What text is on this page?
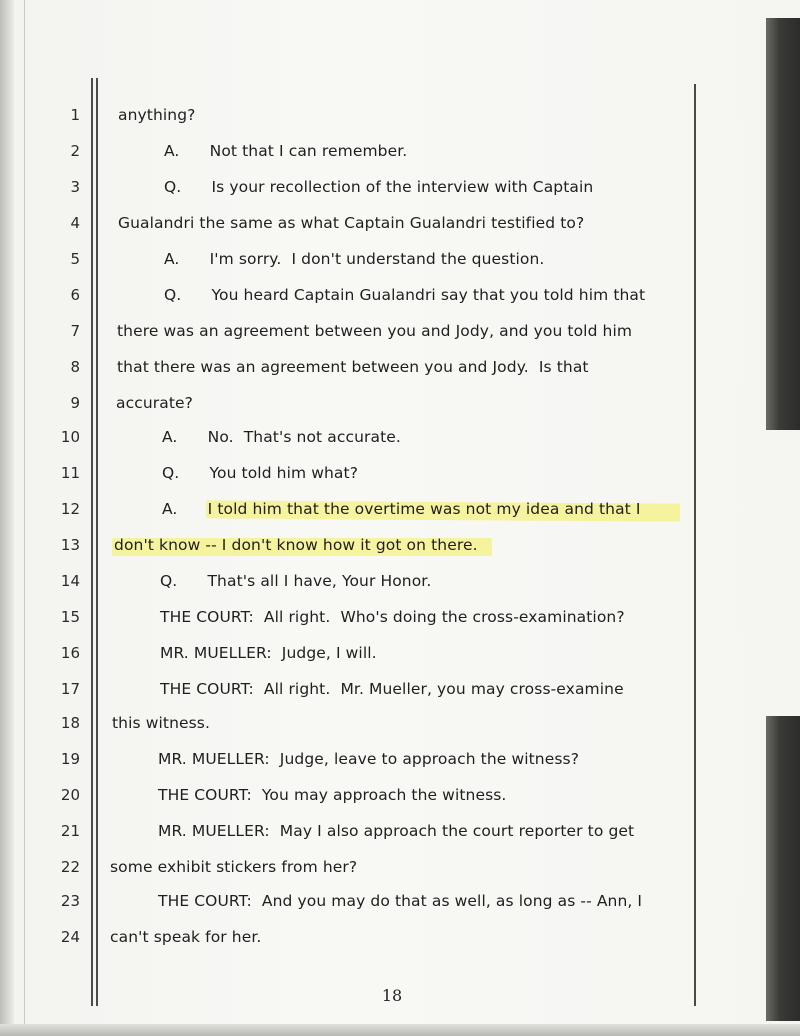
1
2
3
4
5
6
7
8
9
10
11
12
13
14
15
16
17
18
19
20
21
22
23
24
anything?
A.      Not that I can remember.
Q.      Is your recollection of the interview with Captain
Gualandri the same as what Captain Gualandri testified to?
A.      I'm sorry.  I don't understand the question.
Q.      You heard Captain Gualandri say that you told him that
there was an agreement between you and Jody, and you told him
that there was an agreement between you and Jody.  Is that
accurate?
A.      No.  That's not accurate.
Q.      You told him what?
A.      I told him that the overtime was not my idea and that I
don't know -- I don't know how it got on there.
Q.      That's all I have, Your Honor.
THE COURT:  All right.  Who's doing the cross-examination?
MR. MUELLER:  Judge, I will.
THE COURT:  All right.  Mr. Mueller, you may cross-examine
this witness.
MR. MUELLER:  Judge, leave to approach the witness?
THE COURT:  You may approach the witness.
MR. MUELLER:  May I also approach the court reporter to get
some exhibit stickers from her?
THE COURT:  And you may do that as well, as long as -- Ann, I
can't speak for her.
18
